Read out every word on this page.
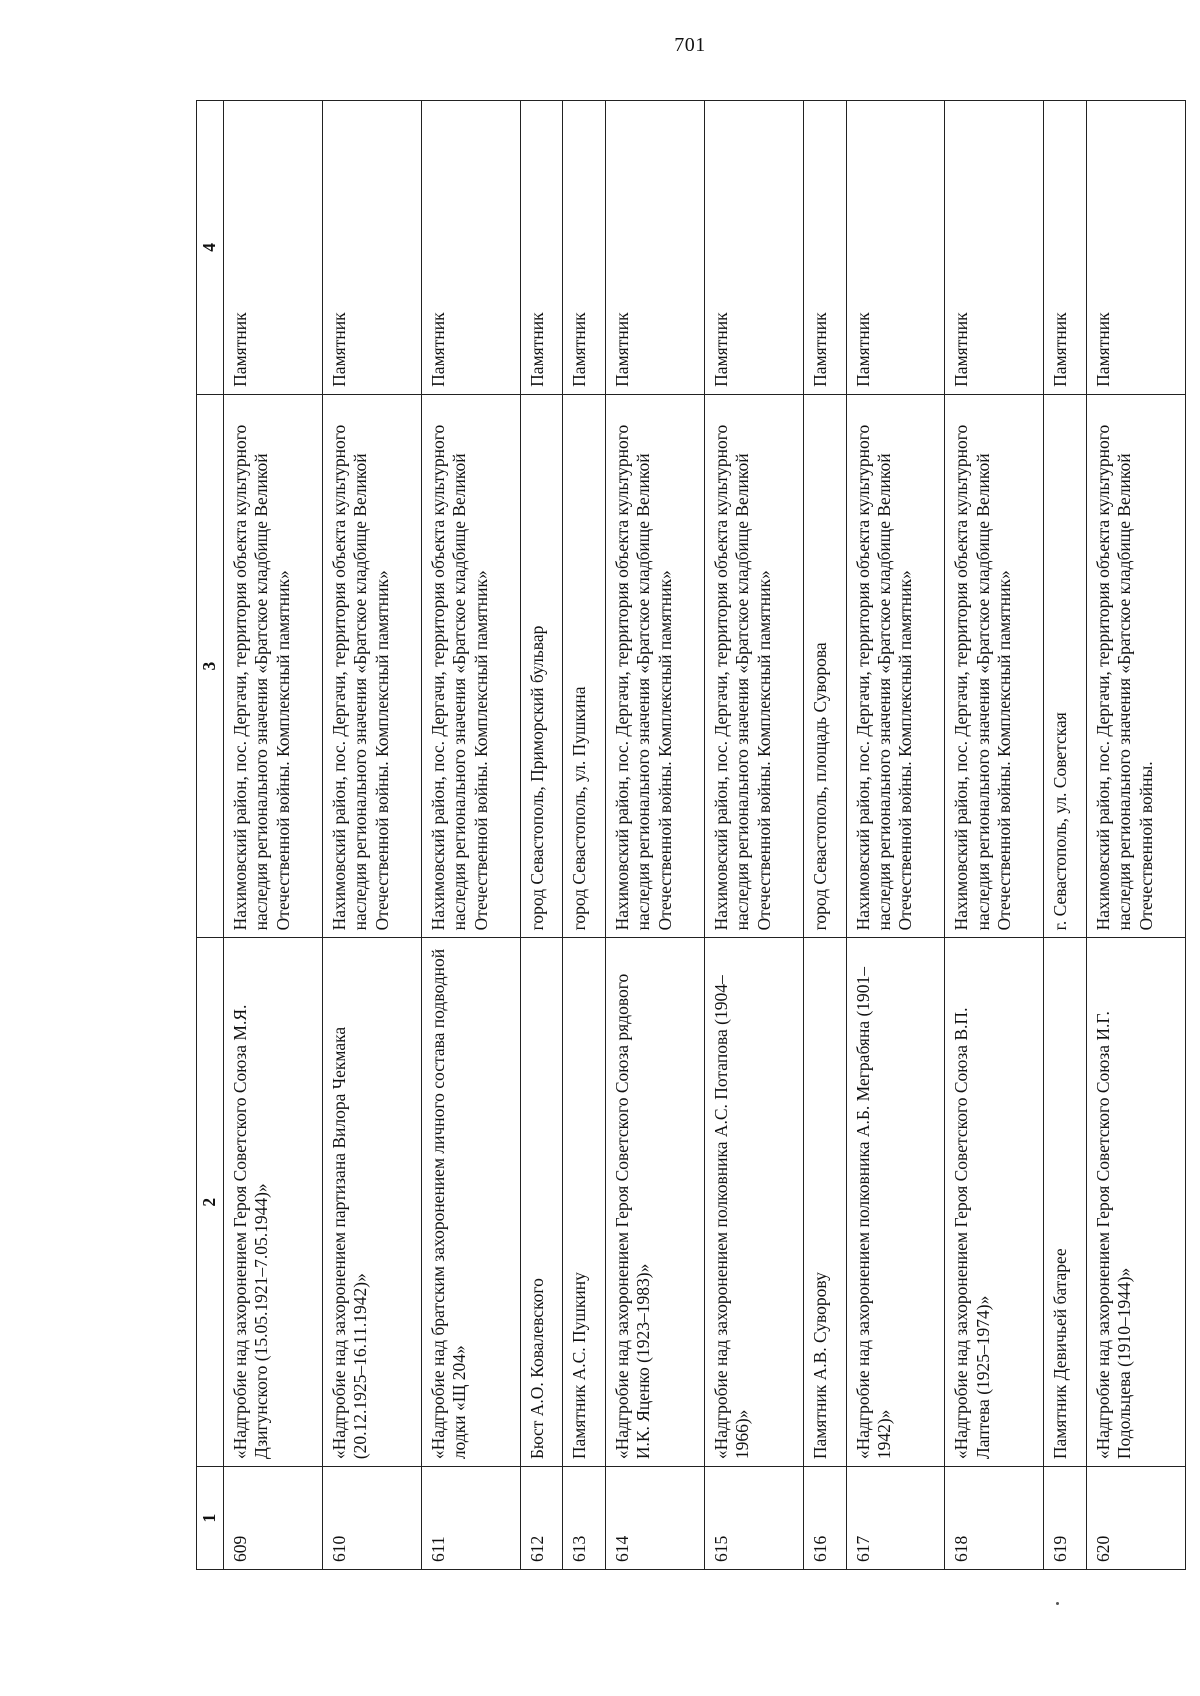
701
1	2	3	4
609	«Надгробие над захоронением Героя Советского Союза М.Я. Дзигунского (15.05.1921–7.05.1944)»	Нахимовский район, пос. Дергачи, территория объекта культурного наследия регионального значения «Братское кладбище Великой Отечественной войны. Комплексный памятник»	Памятник
610	«Надгробие над захоронением партизана Вилора Чекмака (20.12.1925–16.11.1942)»	Нахимовский район, пос. Дергачи, территория объекта культурного наследия регионального значения «Братское кладбище Великой Отечественной войны. Комплексный памятник»	Памятник
611	«Надгробие над братским захоронением личного состава подводной лодки «Щ 204»	Нахимовский район, пос. Дергачи, территория объекта культурного наследия регионального значения «Братское кладбище Великой Отечественной войны. Комплексный памятник»	Памятник
612	Бюст А.О. Ковалевского	город Севастополь, Приморский бульвар	Памятник
613	Памятник А.С. Пушкину	город Севастополь, ул. Пушкина	Памятник
614	«Надгробие над захоронением Героя Советского Союза рядового И.К. Яценко (1923–1983)»	Нахимовский район, пос. Дергачи, территория объекта культурного наследия регионального значения «Братское кладбище Великой Отечественной войны. Комплексный памятник»	Памятник
615	«Надгробие над захоронением полковника А.С. Потапова (1904–1966)»	Нахимовский район, пос. Дергачи, территория объекта культурного наследия регионального значения «Братское кладбище Великой Отечественной войны. Комплексный памятник»	Памятник
616	Памятник А.В. Суворову	город Севастополь, площадь Суворова	Памятник
617	«Надгробие над захоронением полковника А.Б. Меграбяна (1901–1942)»	Нахимовский район, пос. Дергачи, территория объекта культурного наследия регионального значения «Братское кладбище Великой Отечественной войны. Комплексный памятник»	Памятник
618	«Надгробие над захоронением Героя Советского Союза В.П. Лаптева (1925–1974)»	Нахимовский район, пос. Дергачи, территория объекта культурного наследия регионального значения «Братское кладбище Великой Отечественной войны. Комплексный памятник»	Памятник
619	Памятник Девичьей батарее	г. Севастополь, ул. Советская	Памятник
620	«Надгробие над захоронением Героя Советского Союза И.Г. Подольцева (1910–1944)»	Нахимовский район, пос. Дергачи, территория объекта культурного наследия регионального значения «Братское кладбище Великой Отечественной войны.	Памятник
